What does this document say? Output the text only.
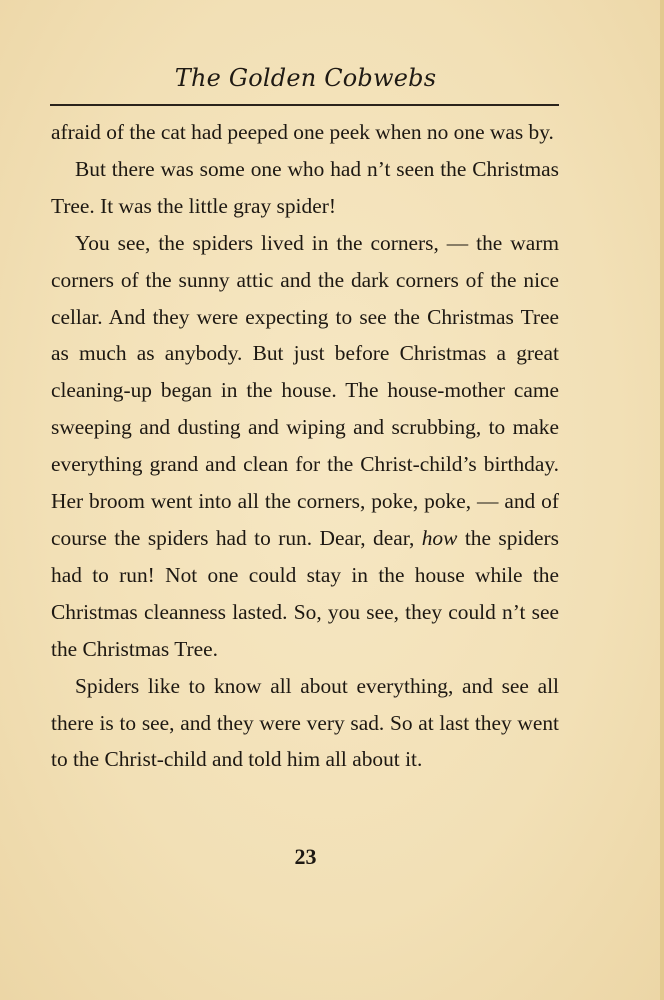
The Golden Cobwebs

afraid of the cat had peeped one peek when no one was by.

But there was some one who had n’t seen the Christmas Tree. It was the little gray spider!

You see, the spiders lived in the corners, — the warm corners of the sunny attic and the dark corners of the nice cellar. And they were expecting to see the Christmas Tree as much as anybody. But just before Christmas a great cleaning-up began in the house. The house-mother came sweeping and dusting and wiping and scrubbing, to make everything grand and clean for the Christ-child’s birthday. Her broom went into all the corners, poke, poke, — and of course the spiders had to run. Dear, dear, how the spiders had to run! Not one could stay in the house while the Christmas cleanness lasted. So, you see, they could n’t see the Christmas Tree.

Spiders like to know all about everything, and see all there is to see, and they were very sad. So at last they went to the Christ-child and told him all about it.

23
